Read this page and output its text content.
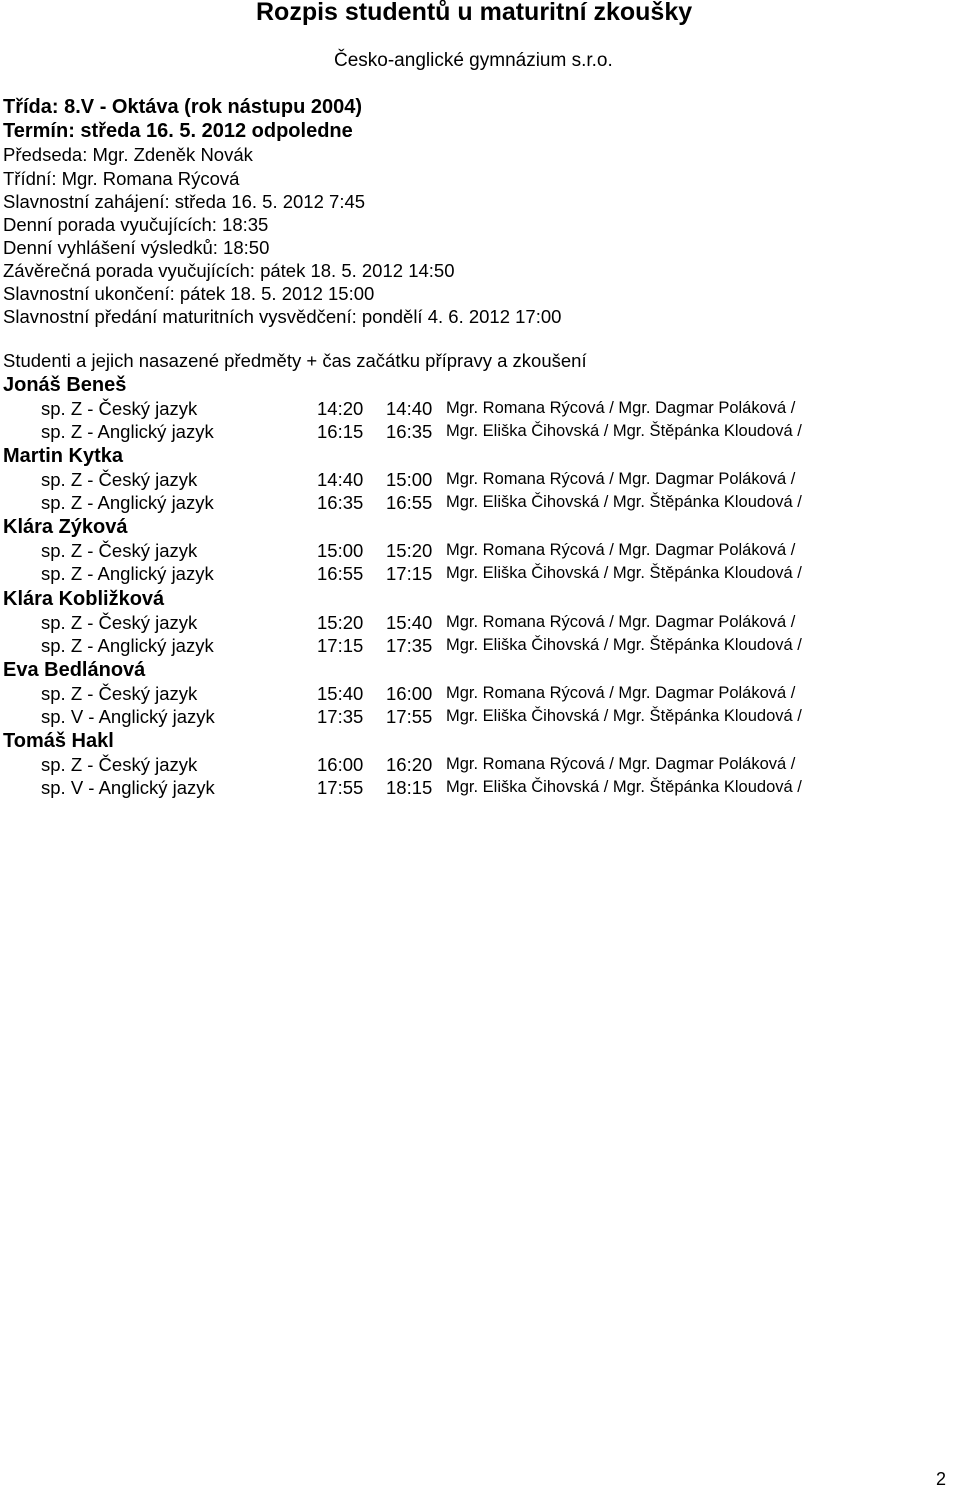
Rozpis studentů u maturitní zkoušky
Česko-anglické gymnázium s.r.o.
Třída: 8.V - Oktáva (rok nástupu 2004)
Termín: středa 16. 5. 2012 odpoledne
Předseda: Mgr. Zdeněk Novák
Třídní: Mgr. Romana Rýcová
Slavnostní zahájení: středa 16. 5. 2012 7:45
Denní porada vyučujících: 18:35
Denní vyhlášení výsledků: 18:50
Závěrečná porada vyučujících: pátek 18. 5. 2012 14:50
Slavnostní ukončení: pátek 18. 5. 2012 15:00
Slavnostní předání maturitních vysvědčení: pondělí 4. 6. 2012 17:00
Studenti a jejich nasazené předměty + čas začátku přípravy a zkoušení
Jonáš Beneš
sp. Z - Český jazyk	14:20 14:40 Mgr. Romana Rýcová / Mgr. Dagmar Poláková /
sp. Z - Anglický jazyk	16:15 16:35 Mgr. Eliška Čihovská / Mgr. Štěpánka Kloudová /
Martin Kytka
sp. Z - Český jazyk	14:40 15:00 Mgr. Romana Rýcová / Mgr. Dagmar Poláková /
sp. Z - Anglický jazyk	16:35 16:55 Mgr. Eliška Čihovská / Mgr. Štěpánka Kloudová /
Klára Zýková
sp. Z - Český jazyk	15:00 15:20 Mgr. Romana Rýcová / Mgr. Dagmar Poláková /
sp. Z - Anglický jazyk	16:55 17:15 Mgr. Eliška Čihovská / Mgr. Štěpánka Kloudová /
Klára Kobližková
sp. Z - Český jazyk	15:20 15:40 Mgr. Romana Rýcová / Mgr. Dagmar Poláková /
sp. Z - Anglický jazyk	17:15 17:35 Mgr. Eliška Čihovská / Mgr. Štěpánka Kloudová /
Eva Bedlánová
sp. Z - Český jazyk	15:40 16:00 Mgr. Romana Rýcová / Mgr. Dagmar Poláková /
sp. V - Anglický jazyk	17:35 17:55 Mgr. Eliška Čihovská / Mgr. Štěpánka Kloudová /
Tomáš Hakl
sp. Z - Český jazyk	16:00 16:20 Mgr. Romana Rýcová / Mgr. Dagmar Poláková /
sp. V - Anglický jazyk	17:55 18:15 Mgr. Eliška Čihovská / Mgr. Štěpánka Kloudová /
2
